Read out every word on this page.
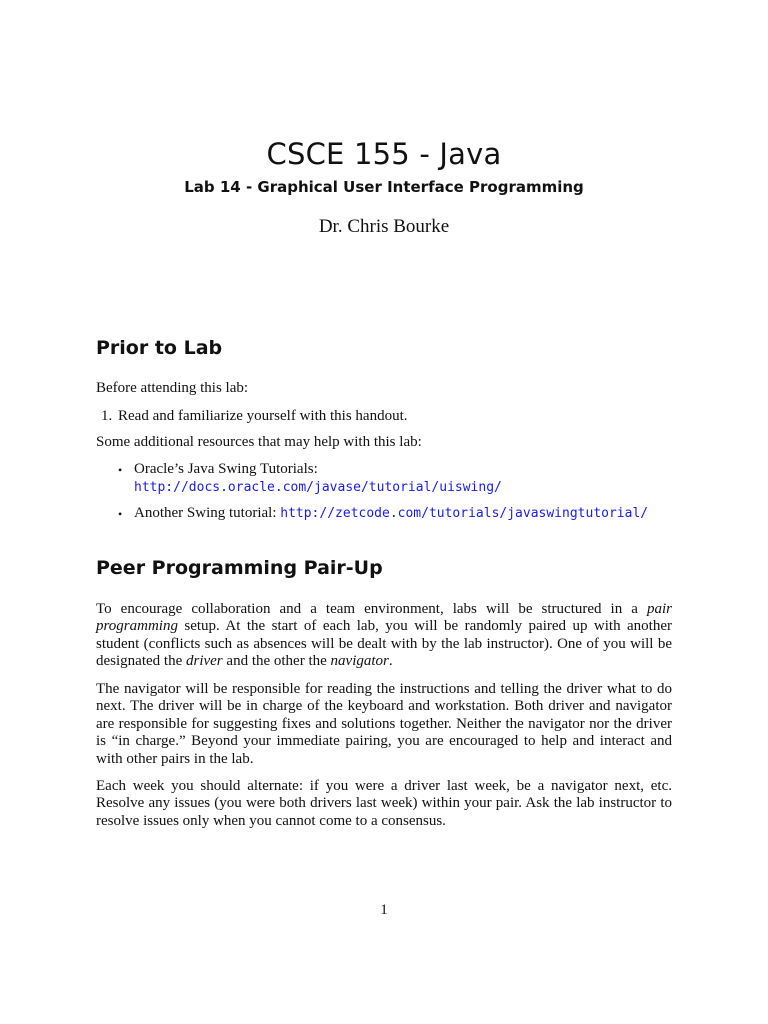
CSCE 155 - Java
Lab 14 - Graphical User Interface Programming
Dr. Chris Bourke
Prior to Lab

Before attending this lab:

1. Read and familiarize yourself with this handout.

Some additional resources that may help with this lab:

• Oracle’s Java Swing Tutorials:
http://docs.oracle.com/javase/tutorial/uiswing/
• Another Swing tutorial: http://zetcode.com/tutorials/javaswingtutorial/
Peer Programming Pair-Up

To encourage collaboration and a team environment, labs will be structured in a pair programming setup. At the start of each lab, you will be randomly paired up with another student (conflicts such as absences will be dealt with by the lab instructor). One of you will be designated the driver and the other the navigator.

The navigator will be responsible for reading the instructions and telling the driver what to do next. The driver will be in charge of the keyboard and workstation. Both driver and navigator are responsible for suggesting fixes and solutions together. Neither the navigator nor the driver is “in charge.” Beyond your immediate pairing, you are encouraged to help and interact and with other pairs in the lab.

Each week you should alternate: if you were a driver last week, be a navigator next, etc. Resolve any issues (you were both drivers last week) within your pair. Ask the lab instructor to resolve issues only when you cannot come to a consensus.

1
